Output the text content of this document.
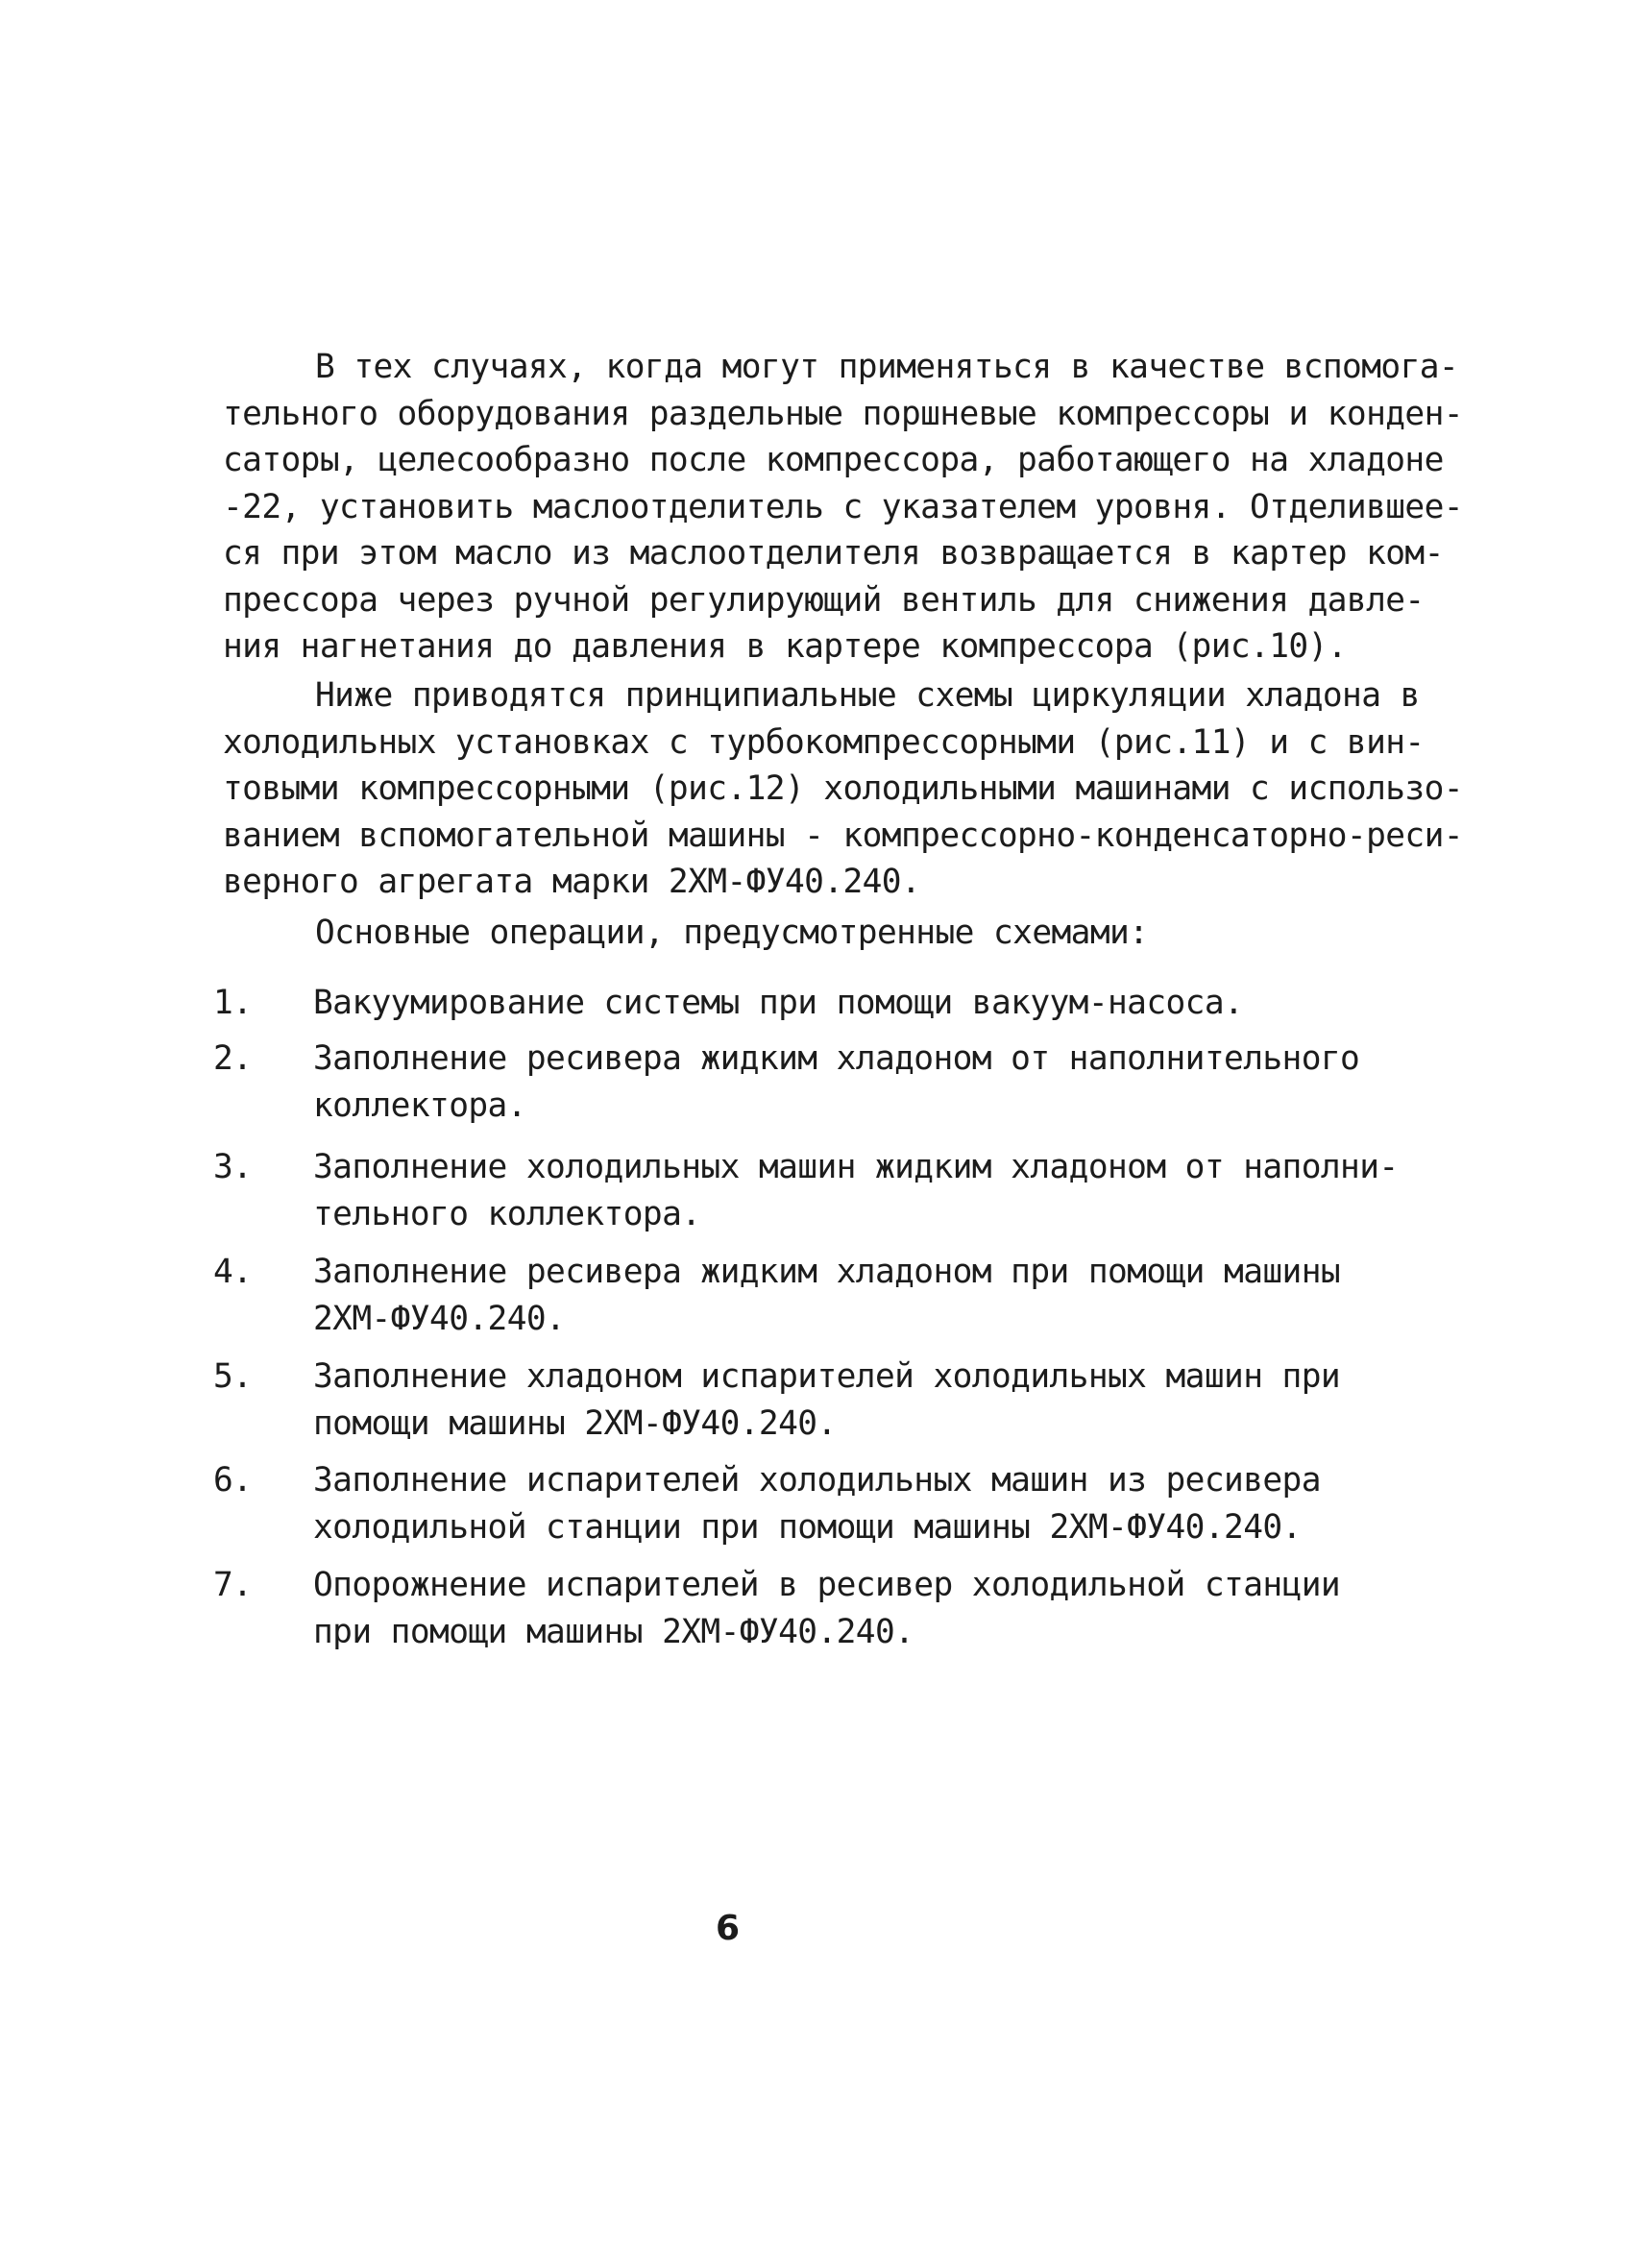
В тех случаях, когда могут применяться в качестве вспомога-
тельного оборудования раздельные поршневые компрессоры и конден-
саторы, целесообразно после компрессора, работающего на хладоне
-22, установить маслоотделитель с указателем уровня. Отделившее-
ся при этом масло из маслоотделителя возвращается в картер ком-
прессора через ручной регулирующий вентиль для снижения давле-
ния нагнетания до давления в картере компрессора (рис.10).
Ниже приводятся принципиальные схемы циркуляции хладона в
холодильных установках с турбокомпрессорными (рис.11) и с вин-
товыми компрессорными (рис.12) холодильными машинами с использо-
ванием вспомогательной машины - компрессорно-конденсаторно-реси-
верного агрегата марки 2ХМ-ФУ40.240.
Основные операции, предусмотренные схемами:
1.	Вакуумирование системы при помощи вакуум-насоса.
2.	Заполнение ресивера жидким хладоном от наполнительного
коллектора.
3.	Заполнение холодильных машин жидким хладоном от наполни-
тельного коллектора.
4.	Заполнение ресивера жидким хладоном при помощи машины
2ХМ-ФУ40.240.
5.	Заполнение хладоном испарителей холодильных машин при
помощи машины 2ХМ-ФУ40.240.
6.	Заполнение испарителей холодильных машин из ресивера
холодильной станции при помощи машины 2ХМ-ФУ40.240.
7.	Опорожнение испарителей в ресивер холодильной станции
при помощи машины 2ХМ-ФУ40.240.
6
